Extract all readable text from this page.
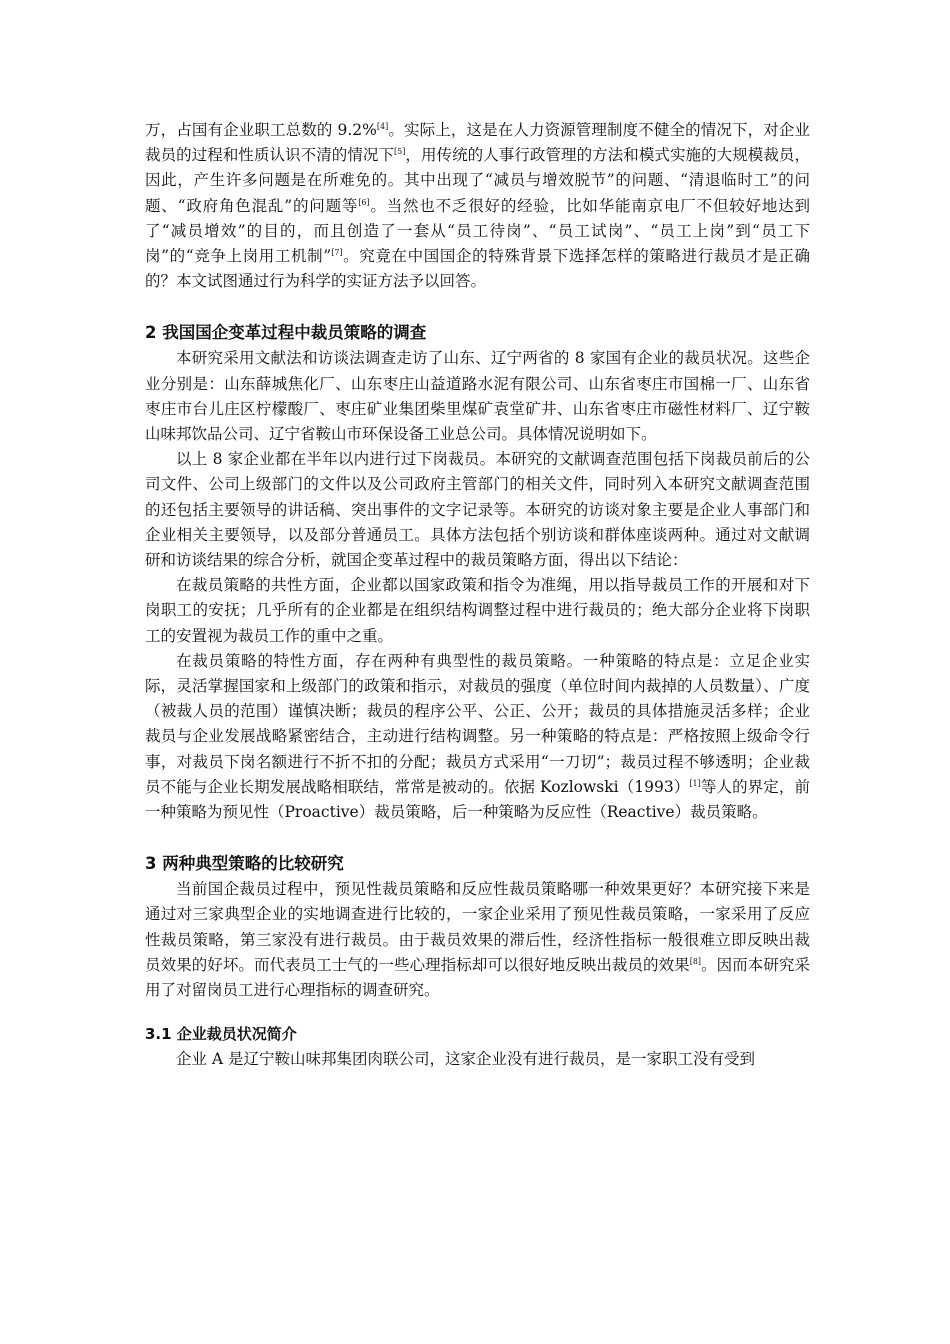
万，占国有企业职工总数的 9.2%[4]。实际上，这是在人力资源管理制度不健全的情况下，对企业裁员的过程和性质认识不清的情况下[5]，用传统的人事行政管理的方法和模式实施的大规模裁员，因此，产生许多问题是在所难免的。其中出现了“减员与增效脱节”的问题、“清退临时工”的问题、“政府角色混乱”的问题等[6]。当然也不乏很好的经验，比如华能南京电厂不但较好地达到了“减员增效”的目的，而且创造了一套从“员工待岗”、“员工试岗”、“员工上岗”到“员工下岗”的“竞争上岗用工机制”[7]。究竟在中国国企的特殊背景下选择怎样的策略进行裁员才是正确的？本文试图通过行为科学的实证方法予以回答。

2 我国国企变革过程中裁员策略的调查

本研究采用文献法和访谈法调查走访了山东、辽宁两省的 8 家国有企业的裁员状况。这些企业分别是：山东薛城焦化厂、山东枣庄山益道路水泥有限公司、山东省枣庄市国棉一厂、山东省枣庄市台儿庄区柠檬酸厂、枣庄矿业集团柴里煤矿袁堂矿井、山东省枣庄市磁性材料厂、辽宁鞍山味邦饮品公司、辽宁省鞍山市环保设备工业总公司。具体情况说明如下。

以上 8 家企业都在半年以内进行过下岗裁员。本研究的文献调查范围包括下岗裁员前后的公司文件、公司上级部门的文件以及公司政府主管部门的相关文件，同时列入本研究文献调查范围的还包括主要领导的讲话稿、突出事件的文字记录等。本研究的访谈对象主要是企业人事部门和企业相关主要领导，以及部分普通员工。具体方法包括个别访谈和群体座谈两种。通过对文献调研和访谈结果的综合分析，就国企变革过程中的裁员策略方面，得出以下结论：

在裁员策略的共性方面，企业都以国家政策和指令为准绳，用以指导裁员工作的开展和对下岗职工的安抚；几乎所有的企业都是在组织结构调整过程中进行裁员的；绝大部分企业将下岗职工的安置视为裁员工作的重中之重。

在裁员策略的特性方面，存在两种有典型性的裁员策略。一种策略的特点是：立足企业实际，灵活掌握国家和上级部门的政策和指示，对裁员的强度（单位时间内裁掉的人员数量）、广度（被裁人员的范围）谨慎决断；裁员的程序公平、公正、公开；裁员的具体措施灵活多样；企业裁员与企业发展战略紧密结合，主动进行结构调整。另一种策略的特点是：严格按照上级命令行事，对裁员下岗名额进行不折不扣的分配；裁员方式采用“一刀切”；裁员过程不够透明；企业裁员不能与企业长期发展战略相联结，常常是被动的。依据 Kozlowski（1993）[1]等人的界定，前一种策略为预见性（Proactive）裁员策略，后一种策略为反应性（Reactive）裁员策略。

3 两种典型策略的比较研究

当前国企裁员过程中，预见性裁员策略和反应性裁员策略哪一种效果更好？本研究接下来是通过对三家典型企业的实地调查进行比较的，一家企业采用了预见性裁员策略，一家采用了反应性裁员策略，第三家没有进行裁员。由于裁员效果的滞后性，经济性指标一般很难立即反映出裁员效果的好坏。而代表员工士气的一些心理指标却可以很好地反映出裁员的效果[8]。因而本研究采用了对留岗员工进行心理指标的调查研究。

3.1 企业裁员状况简介

企业 A 是辽宁鞍山味邦集团肉联公司，这家企业没有进行裁员，是一家职工没有受到
